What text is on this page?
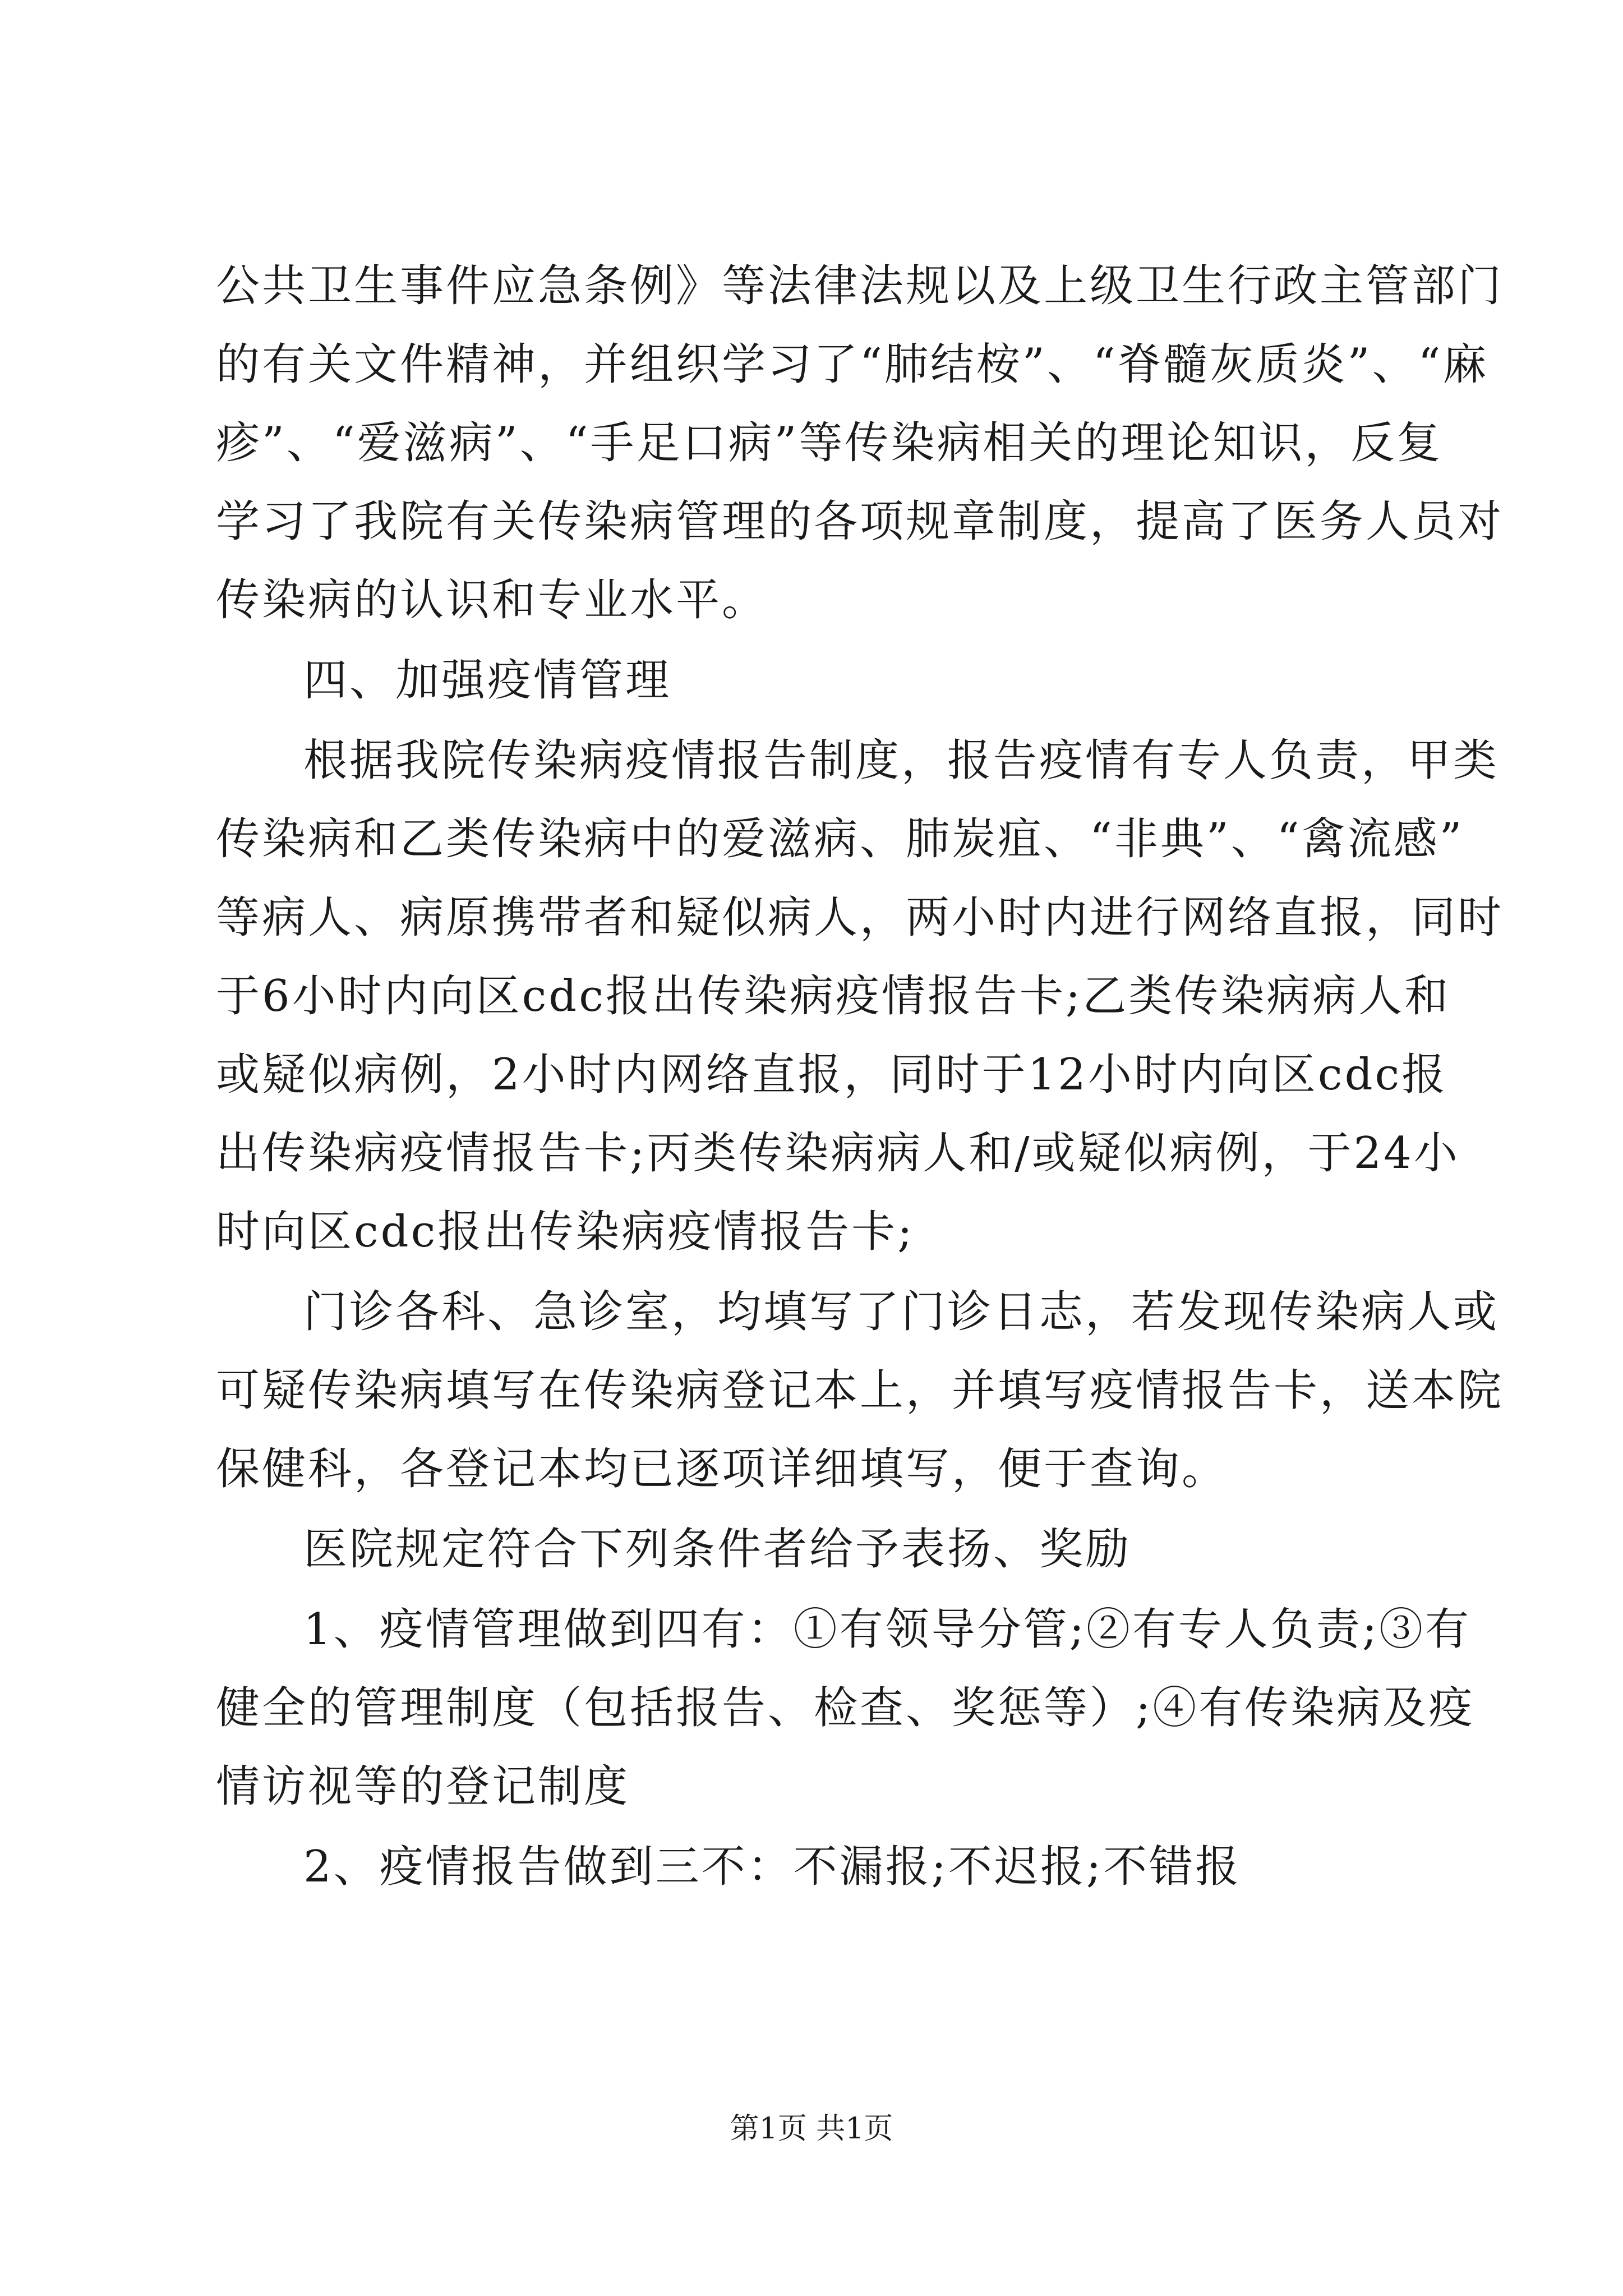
公共卫生事件应急条例》等法律法规以及上级卫生行政主管部门
的有关文件精神，并组织学习了“肺结桉”、“脊髓灰质炎”、“麻
疹”、“爱滋病”、“手足口病”等传染病相关的理论知识，反复
学习了我院有关传染病管理的各项规章制度，提高了医务人员对
传染病的认识和专业水平。
四、加强疫情管理
根据我院传染病疫情报告制度，报告疫情有专人负责，甲类
传染病和乙类传染病中的爱滋病、肺炭疽、“非典”、“禽流感”
等病人、病原携带者和疑似病人，两小时内进行网络直报，同时
于6小时内向区cdc报出传染病疫情报告卡;乙类传染病病人和
或疑似病例，2小时内网络直报，同时于12小时内向区cdc报
出传染病疫情报告卡;丙类传染病病人和/或疑似病例，于24小
时向区cdc报出传染病疫情报告卡;
门诊各科、急诊室，均填写了门诊日志，若发现传染病人或
可疑传染病填写在传染病登记本上，并填写疫情报告卡，送本院
保健科，各登记本均已逐项详细填写，便于查询。
医院规定符合下列条件者给予表扬、奖励
1、疫情管理做到四有：①有领导分管;②有专人负责;③有
健全的管理制度（包括报告、检查、奖惩等）;④有传染病及疫
情访视等的登记制度
2、疫情报告做到三不：不漏报;不迟报;不错报
第1页 共1页
